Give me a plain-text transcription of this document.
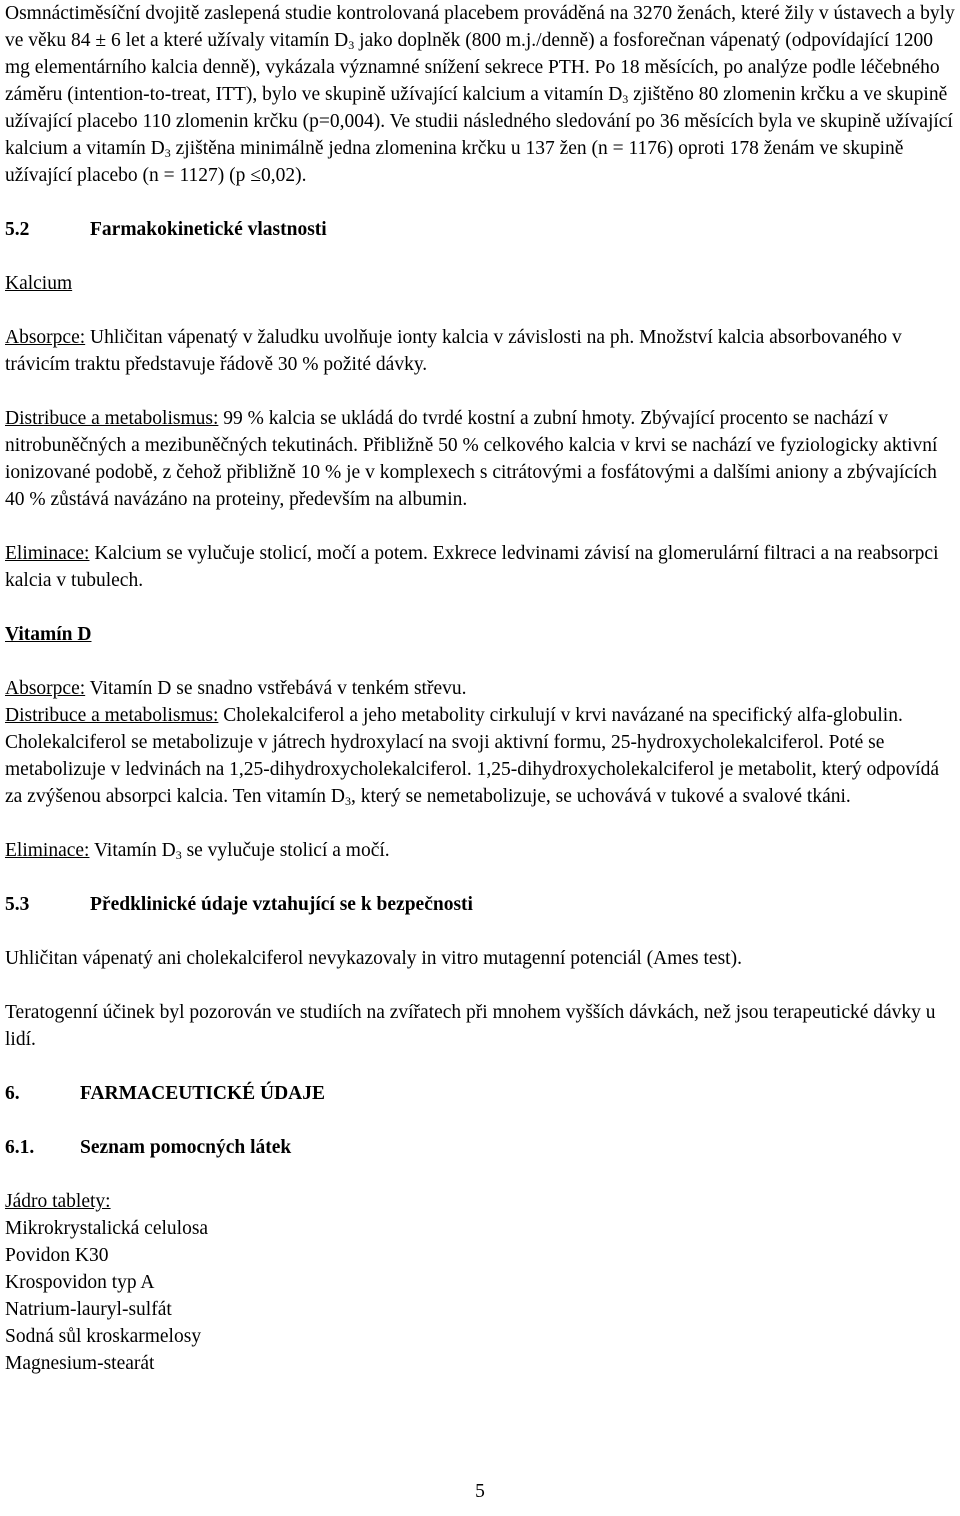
Osmnáctiměsíční dvojitě zaslepená studie kontrolovaná placebem prováděná na 3270 ženách, které žily v ústavech a byly ve věku 84 ± 6 let a které užívaly vitamín $D_3$ jako doplněk (800 m.j./denně) a fosforečnan vápenatý (odpovídající 1200 mg elementárního kalcia denně), vykázala významné snížení sekrece PTH. Po 18 měsících, po analýze podle léčebného záměru (intention-to-treat, ITT), bylo ve skupině užívající kalcium a vitamín $D_3$ zjištěno 80 zlomenin krčku a ve skupině užívající placebo 110 zlomenin krčku (p=0,004). Ve studii následného sledování po 36 měsících byla ve skupině užívající kalcium a vitamín $D_3$ zjištěna minimálně jedna zlomenina krčku u 137 žen (n = 1176) oproti 178 ženám ve skupině užívající placebo (n = 1127) (p ≤0,02).

5.2	Farmakokinetické vlastnosti

Kalcium

Absorpce: Uhličitan vápenatý v žaludku uvolňuje ionty kalcia v závislosti na ph. Množství kalcia absorbovaného v trávicím traktu představuje řádově 30 % požité dávky.

Distribuce a metabolismus: 99 % kalcia se ukládá do tvrdé kostní a zubní hmoty. Zbývající procento se nachází v nitrobuněčných a mezibuněčných tekutinách. Přibližně 50 % celkového kalcia v krvi se nachází ve fyziologicky aktivní ionizované podobě, z čehož přibližně 10 % je v komplexech s citrátovými a fosfátovými a dalšími aniony a zbývajících 40 % zůstává navázáno na proteiny, především na albumin.

Eliminace: Kalcium se vylučuje stolicí, močí a potem. Exkrece ledvinami závisí na glomerulární filtraci a na reabsorpci kalcia v tubulech.

Vitamín D

Absorpce: Vitamín D se snadno vstřebává v tenkém střevu.

Distribuce a metabolismus: Cholekalciferol a jeho metabolity cirkulují v krvi navázané na specifický alfa-globulin. Cholekalciferol se metabolizuje v játrech hydroxylací na svoji aktivní formu, 25-hydroxycholekalciferol. Poté se metabolizuje v ledvinách na 1,25-dihydroxycholekalciferol. 1,25-dihydroxycholekalciferol je metabolit, který odpovídá za zvýšenou absorpci kalcia. Ten vitamín $D_3$, který se nemetabolizuje, se uchovává v tukové a svalové tkáni.

Eliminace: Vitamín $D_3$ se vylučuje stolicí a močí.

5.3	Předklinické údaje vztahující se k bezpečnosti

Uhličitan vápenatý ani cholekalciferol nevykazovaly in vitro mutagenní potenciál (Ames test).

Teratogenní účinek byl pozorován ve studiích na zvířatech při mnohem vyšších dávkách, než jsou terapeutické dávky u lidí.

6.	FARMACEUTICKÉ ÚDAJE
6.1.	Seznam pomocných látek

Jádro tablety:

Mikrokrystalická celulosa
Povidon K30
Krospovidon typ A
Natrium-lauryl-sulfát
Sodná sůl kroskarmelosy
Magnesium-stearát
5
